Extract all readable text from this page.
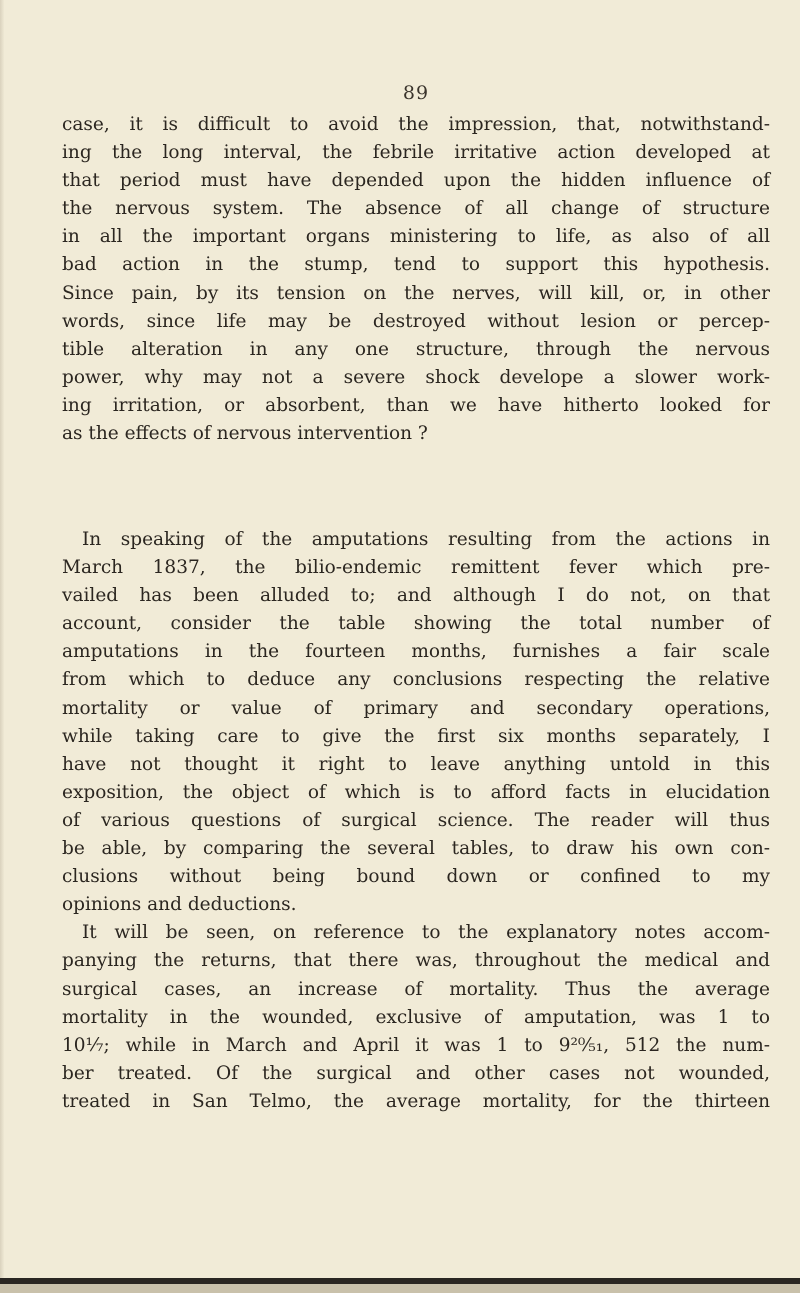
89
case, it is difficult to avoid the impression, that, notwithstand-
ing the long interval, the febrile irritative action developed at
that period must have depended upon the hidden influence of
the nervous system. The absence of all change of structure
in all the important organs ministering to life, as also of all
bad action in the stump, tend to support this hypothesis.
Since pain, by its tension on the nerves, will kill, or, in other
words, since life may be destroyed without lesion or percep-
tible alteration in any one structure, through the nervous
power, why may not a severe shock develope a slower work-
ing irritation, or absorbent, than we have hitherto looked for
as the effects of nervous intervention ?
In speaking of the amputations resulting from the actions in
March 1837, the bilio-endemic remittent fever which pre-
vailed has been alluded to; and although I do not, on that
account, consider the table showing the total number of
amputations in the fourteen months, furnishes a fair scale
from which to deduce any conclusions respecting the relative
mortality or value of primary and secondary operations,
while taking care to give the first six months separately, I
have not thought it right to leave anything untold in this
exposition, the object of which is to afford facts in elucidation
of various questions of surgical science. The reader will thus
be able, by comparing the several tables, to draw his own con-
clusions without being bound down or confined to my
opinions and deductions.
It will be seen, on reference to the explanatory notes accom-
panying the returns, that there was, throughout the medical and
surgical cases, an increase of mortality. Thus the average
mortality in the wounded, exclusive of amputation, was 1 to
10¹⁄₇; while in March and April it was 1 to 9²⁰⁄₅₁, 512 the num-
ber treated. Of the surgical and other cases not wounded,
treated in San Telmo, the average mortality, for the thirteen
